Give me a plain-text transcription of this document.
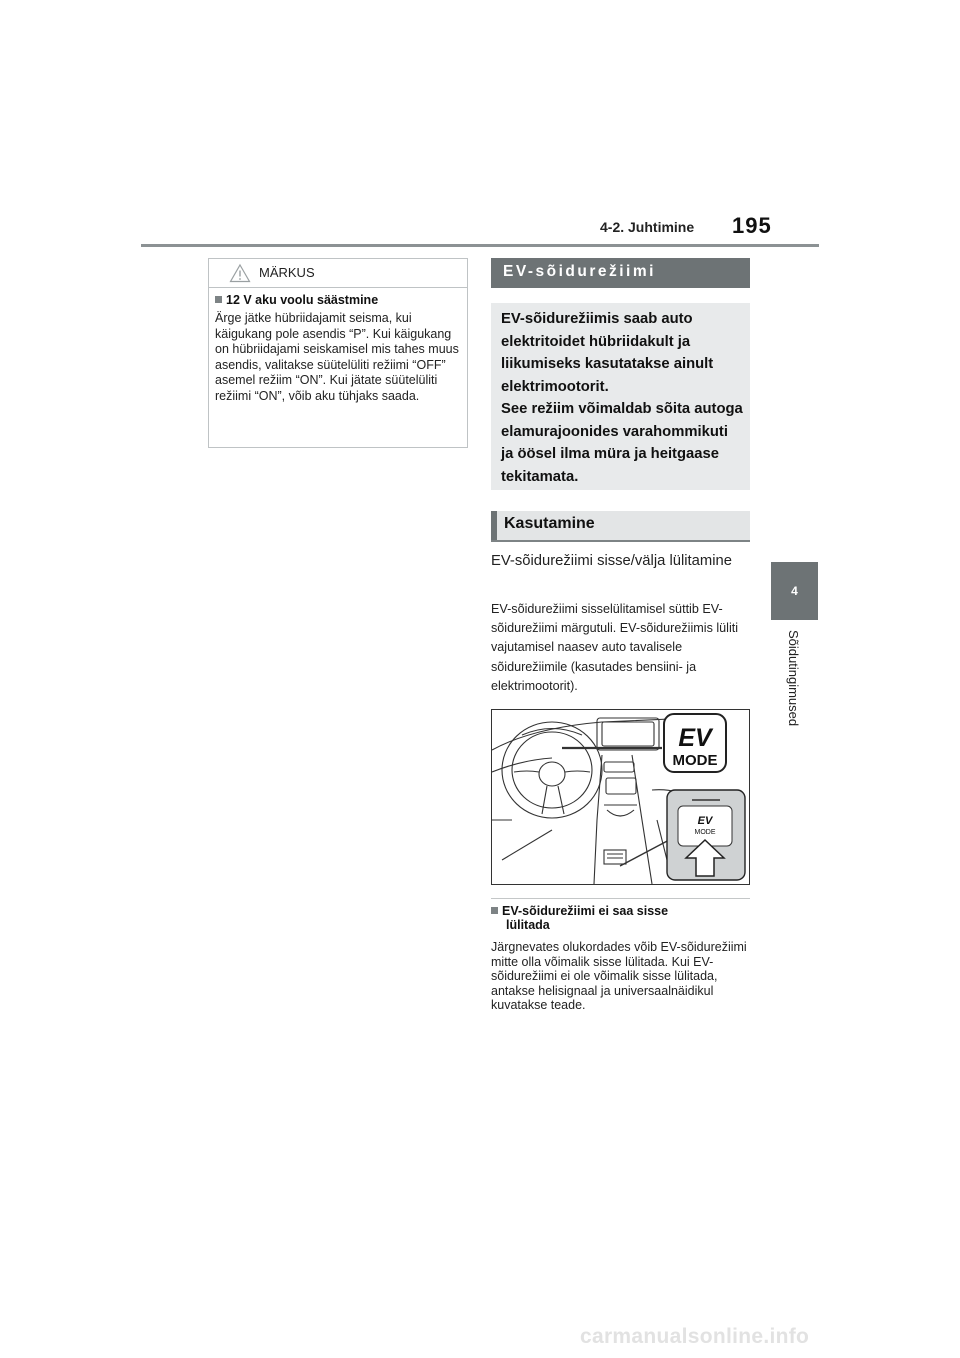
4-2. Juhtimine 195
4
Sõidutingimused
MÄRKUS
12 V aku voolu säästmine
Ärge jätke hübriidajamit seisma, kui käigukang pole asendis “P”. Kui käigukang on hübriidajami seiskamisel mis tahes muus asendis, valitakse süütelüliti režiimi “OFF” asemel režiim “ON”. Kui jätate süütelüliti režiimi “ON”, võib aku tühjaks saada.
EV-sõidurežiimi
EV-sõidurežiimis saab auto elektritoidet hübriidakult ja liikumiseks kasutatakse ainult elektrimootorit.
See režiim võimaldab sõita autoga elamurajoonides varahommikuti ja öösel ilma müra ja heitgaase tekitamata.
Kasutamine
EV-sõidurežiimi sisse/välja lülitamine
EV-sõidurežiimi sisselülitamisel süttib EV-sõidurežiimi märgutuli. EV-sõidurežiimis lüliti vajutamisel naasev auto tavalisele sõidurežiimile (kasutades bensiini- ja elektrimootorit).
EV
MODE
EV
MODE
EV-sõidurežiimi ei saa sisse
lülitada
Järgnevates olukordades võib EV-sõidurežiimi mitte olla võimalik sisse lülitada. Kui EV-sõidurežiimi ei ole võimalik sisse lülitada, antakse helisignaal ja universaalnäidikul kuvatakse teade.
carmanualsonline.info
